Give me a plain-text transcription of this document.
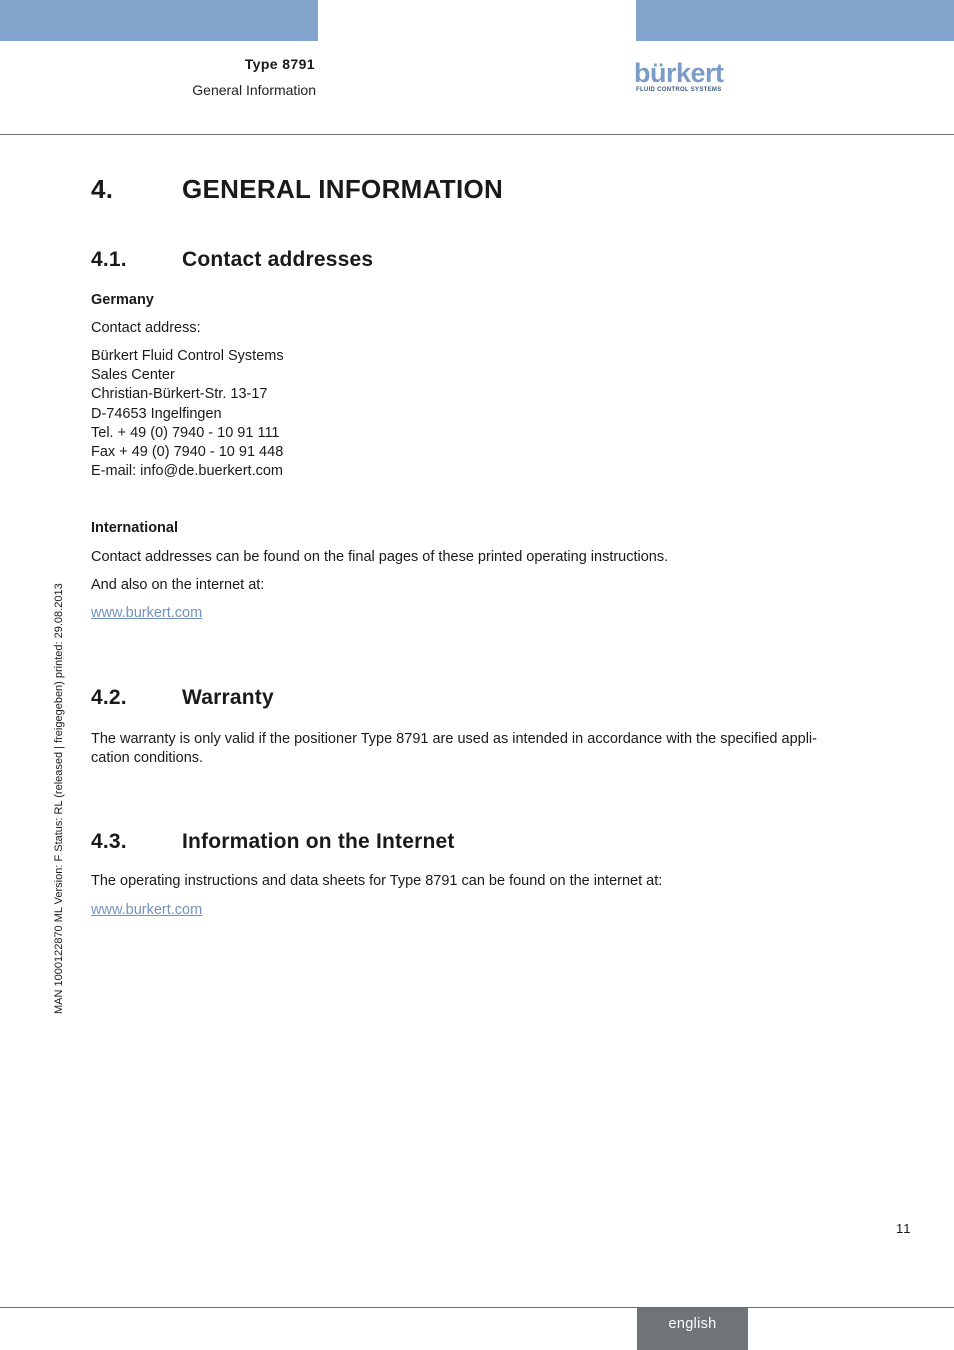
Type 8791
General Information
bürkert
FLUID CONTROL SYSTEMS
MAN 1000122870 ML Version: F Status: RL (released | freigegeben) printed: 29.08.2013
4.	GENERAL INFORMATION
4.1.	Contact addresses
Germany
Contact address:
Bürkert Fluid Control Systems
Sales Center
Christian-Bürkert-Str. 13-17
D-74653 Ingelfingen
Tel. + 49 (0) 7940 - 10 91 111
Fax + 49 (0) 7940 - 10 91 448
E-mail: info@de.buerkert.com
International
Contact addresses can be found on the final pages of these printed operating instructions.
And also on the internet at:
www.burkert.com
4.2.	Warranty
The warranty is only valid if the positioner Type 8791 are used as intended in accordance with the specified appli-
cation conditions.
4.3.	Information on the Internet
The operating instructions and data sheets for Type 8791 can be found on the internet at:
www.burkert.com
11
english
